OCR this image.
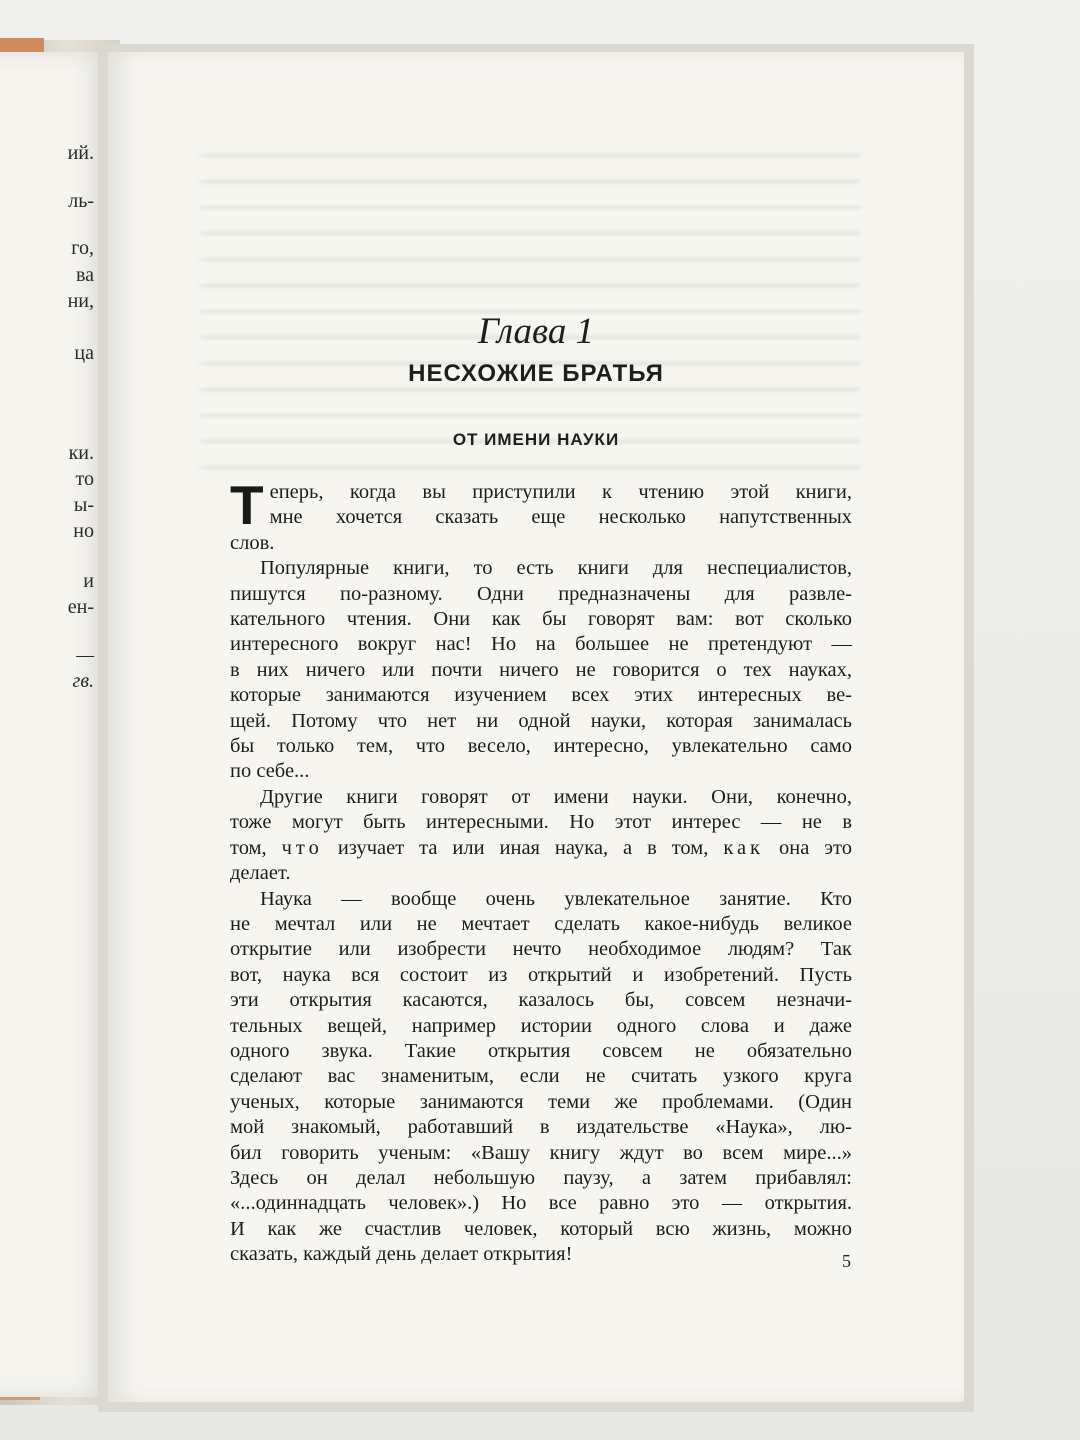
ий.
ль-
го,
ва
ни,
ца
ки.
то
ы-
но
и
ен-
—
гв.
Глава 1
НЕСХОЖИЕ БРАТЬЯ
ОТ ИМЕНИ НАУКИ

Т еперь, когда вы приступили к чтению этой книги,
мне хочется сказать еще несколько напутственных
слов.

Популярные книги, то есть книги для неспециалистов,
пишутся по-разному. Одни предназначены для развле-
кательного чтения. Они как бы говорят вам: вот сколько
интересного вокруг нас! Но на большее не претендуют —
в них ничего или почти ничего не говорится о тех науках,
которые занимаются изучением всех этих интересных ве-
щей. Потому что нет ни одной науки, которая занималась
бы только тем, что весело, интересно, увлекательно само
по себе...

Другие книги говорят от имени науки. Они, конечно,
тоже могут быть интересными. Но этот интерес — не в
том, что изучает та или иная наука, а в том, как она это
делает.

Наука — вообще очень увлекательное занятие. Кто
не мечтал или не мечтает сделать какое-нибудь великое
открытие или изобрести нечто необходимое людям? Так
вот, наука вся состоит из открытий и изобретений. Пусть
эти открытия касаются, казалось бы, совсем незначи-
тельных вещей, например истории одного слова и даже
одного звука. Такие открытия совсем не обязательно
сделают вас знаменитым, если не считать узкого круга
ученых, которые занимаются теми же проблемами. (Один
мой знакомый, работавший в издательстве «Наука», лю-
бил говорить ученым: «Вашу книгу ждут во всем мире...»
Здесь он делал небольшую паузу, а затем прибавлял:
«...одиннадцать человек».) Но все равно это — открытия.
И как же счастлив человек, который всю жизнь, можно
сказать, каждый день делает открытия!	5
